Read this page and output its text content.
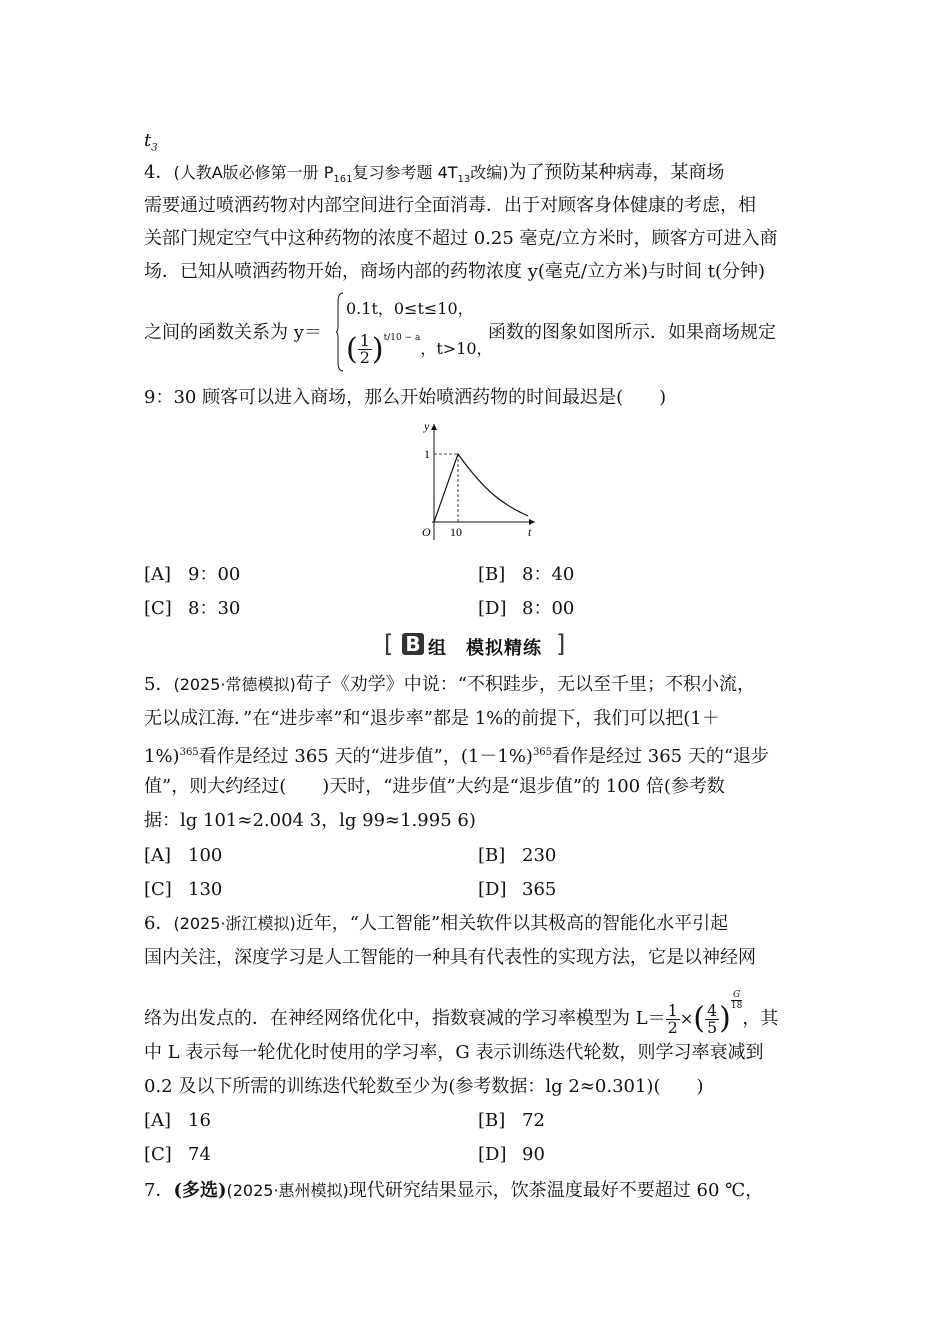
$t_3$
4．(人教A版必修第一册 $P_{161}$复习参考题 $4T_{13}$改编)为了预防某种病毒，某商场
需要通过喷洒药物对内部空间进行全面消毒．出于对顾客身体健康的考虑，相
关部门规定空气中这种药物的浓度不超过 0.25 毫克/立方米时，顾客方可进入商
场．已知从喷洒药物开始，商场内部的药物浓度 y(毫克/立方米)与时间 t(分钟)
之间的函数关系为 y＝
0.1t，0≤t≤10，
( $\frac{1}{2} )^{t/10 - a}$，t>10，
函数的图象如图所示．如果商场规定
9：30 顾客可以进入商场，那么开始喷洒药物的时间最迟是(　　)
y
t
O
1
10
[A] 9：00	[B] 8：40
[C] 8：30	[D] 8：00
[ B 组　模拟精练 ]
5．(2025·常德模拟)荀子《劝学》中说：“不积跬步，无以至千里；不积小流，
无以成江海．”在“进步率”和“退步率”都是 1%的前提下，我们可以把(1＋
1%)$^{365}$看作是经过 365 天的“进步值”，$(1-1\%)^{365}$看作是经过 365 天的“退步
值”，则大约经过(　　)天时，“进步值”大约是“退步值”的 100 倍(参考数
据：lg 101≈2.004 3，lg 99≈1.995 6)
[A] 100	[B] 230
[C] 130	[D] 365
6．(2025·浙江模拟)近年，“人工智能”相关软件以其极高的智能化水平引起
国内关注，深度学习是人工智能的一种具有代表性的实现方法，它是以神经网
络为出发点的．在神经网络优化中，指数衰减的学习率模型为 $L= \frac{1}{2}$ ×( $\frac{4}{5}$ )
$\frac{G}{18}$
，其
中 L 表示每一轮优化时使用的学习率，G 表示训练迭代轮数，则学习率衰减到
0.2 及以下所需的训练迭代轮数至少为(参考数据：lg 2≈0.301)(　　)
[A] 16	[B] 72
[C] 74	[D] 90
7．(多选)(2025·惠州模拟)现代研究结果显示，饮茶温度最好不要超过 60 ℃，
